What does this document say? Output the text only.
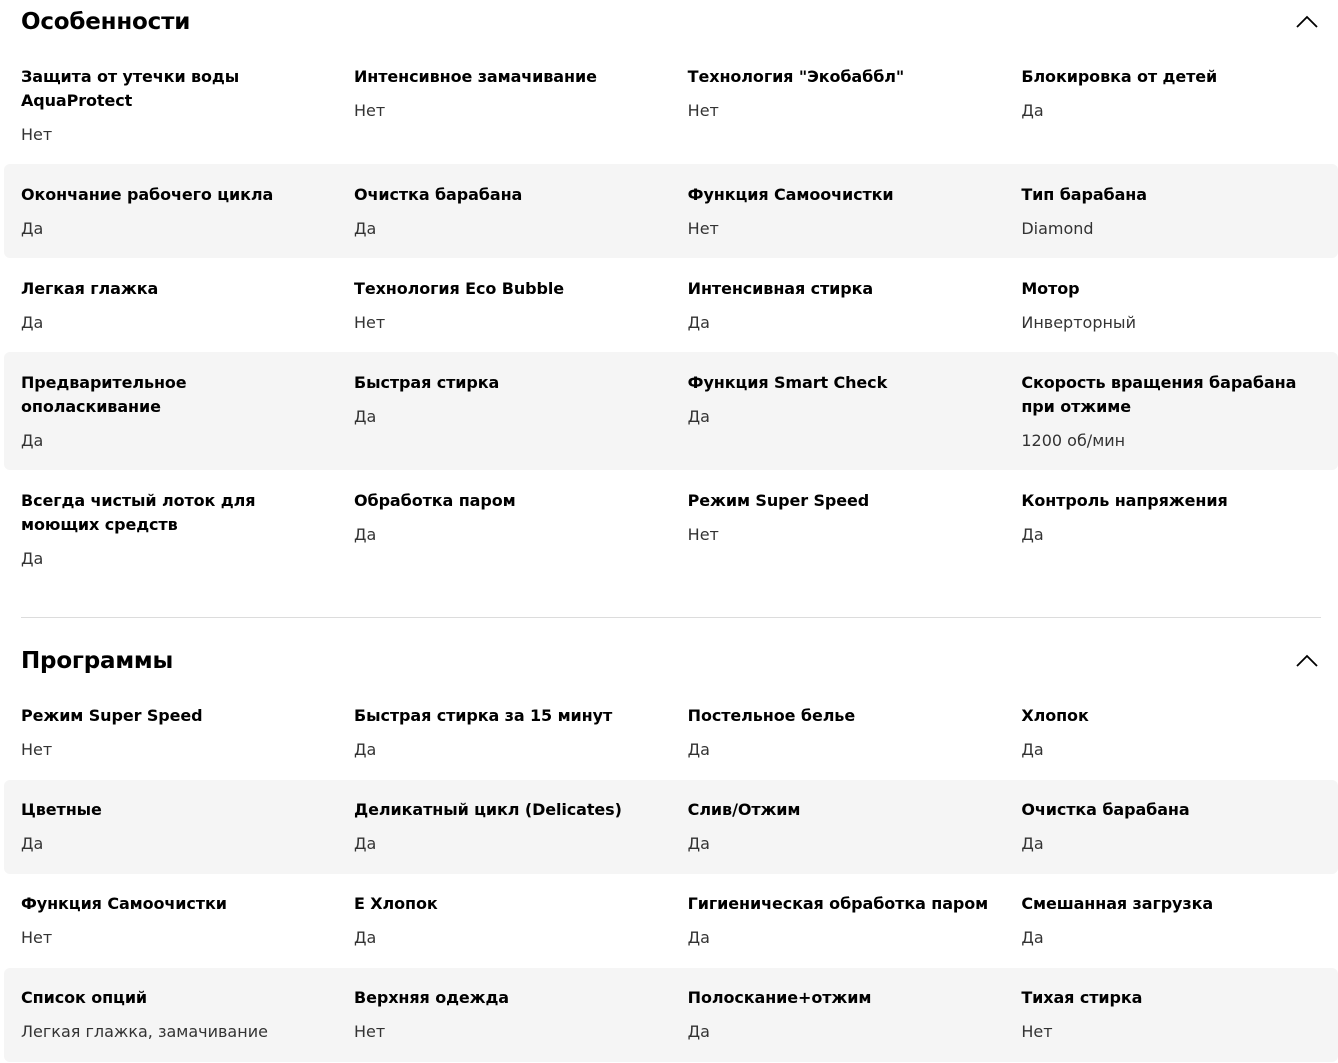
Особенности
Защита от утечки воды AquaProtect
Нет
Интенсивное замачивание
Нет
Технология "Экобаббл"
Нет
Блокировка от детей
Да
Окончание рабочего цикла
Да
Очистка барабана
Да
Функция Самоочистки
Нет
Тип барабана
Diamond
Легкая глажка
Да
Технология Eco Bubble
Нет
Интенсивная стирка
Да
Мотор
Инверторный
Предварительное ополаскивание
Да
Быстрая стирка
Да
Функция Smart Check
Да
Скорость вращения барабана при отжиме
1200 об/мин
Всегда чистый лоток для моющих средств
Да
Обработка паром
Да
Режим Super Speed
Нет
Контроль напряжения
Да
Программы
Режим Super Speed
Нет
Быстрая стирка за 15 минут
Да
Постельное белье
Да
Хлопок
Да
Цветные
Да
Деликатный цикл (Delicates)
Да
Слив/Отжим
Да
Очистка барабана
Да
Функция Самоочистки
Нет
E Хлопок
Да
Гигиеническая обработка паром
Да
Смешанная загрузка
Да
Список опций
Легкая глажка, замачивание
Верхняя одежда
Нет
Полоскание+отжим
Да
Тихая стирка
Нет
